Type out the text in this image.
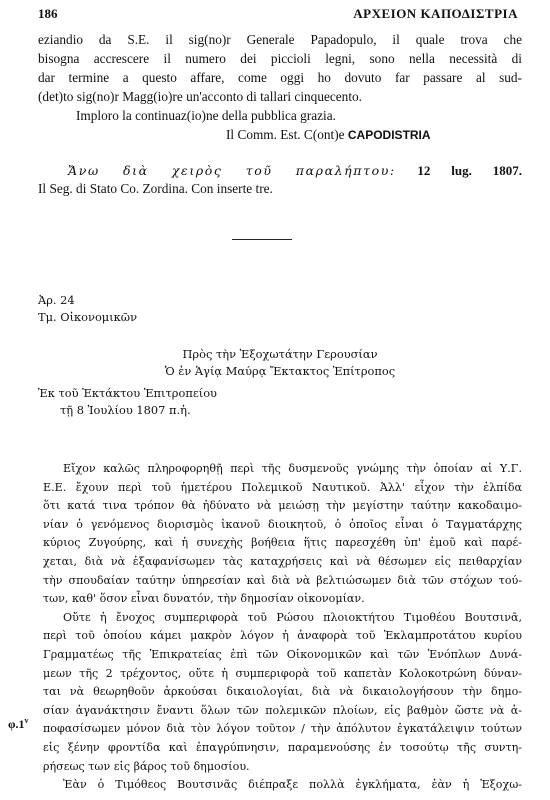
186	ΑΡΧΕΙΟΝ ΚΑΠΟΔΙΣΤΡΙΑ
eziandio da S.E. il sig(no)r Generale Papadopulo, il quale trova che
bisogna accrescere il numero dei piccioli legni, sono nella necessità di
dar termine a questo affare, come oggi ho dovuto far passare al sud-
(det)to sig(no)r Magg(io)re un'acconto di tallari cinquecento.
Imploro la continuaz(io)ne della pubblica grazia.
Il Comm. Est. C(ont)e CAPODISTRIA
Ἄνω διὰ χειρὸς τοῦ παραλήπτου: 12 lug. 1807.
Il Seg. di Stato Co. Zordina. Con inserte tre.
Ἀρ. 24
Τμ. Οἰκονομικῶν
Πρὸς τὴν Ἐξοχωτάτην Γερουσίαν
Ὁ ἐν Ἁγίᾳ Μαύρᾳ Ἔκτακτος Ἐπίτροπος
Ἐκ τοῦ Ἐκτάκτου Ἐπιτροπείου
τῇ 8 Ἰουλίου 1807 π.ἡ.
Εἴχον καλῶς πληροφορηθῇ περὶ τῆς δυσμενοῦς γνώμης τὴν ὁποίαν αἱ Υ.Γ.
Ε.Ε. ἔχουν περὶ τοῦ ἡμετέρου Πολεμικοῦ Ναυτικοῦ. Ἀλλ' εἶχον τὴν ἐλπίδα
ὅτι κατά τινα τρόπον θὰ ἠδύνατο νὰ μειώσῃ τὴν μεγίστην ταύτην κακοδαιμο-
νίαν ὁ γενόμενος διορισμὸς ἱκανοῦ διοικητοῦ, ὁ ὁποῖος εἶναι ὁ Ταγματάρχης
κύριος Ζυγούρης, καὶ ἡ συνεχὴς βοήθεια ἥτις παρεσχέθη ὑπ' ἐμοῦ καὶ παρέ-
χεται, διὰ νὰ ἐξαφανίσωμεν τὰς καταχρήσεις καὶ νὰ θέσωμεν εἰς πειθαρχίαν
τὴν σπουδαίαν ταύτην ὑπηρεσίαν καὶ διὰ νὰ βελτιώσωμεν διὰ τῶν στόχων τού-
των, καθ' ὅσον εἶναι δυνατόν, τὴν δημοσίαν οἰκονομίαν.
Οὔτε ἡ ἔνοχος συμπεριφορὰ τοῦ Ρώσου πλοιοκτήτου Τιμοθέου Βουτσινᾶ,
περὶ τοῦ ὁποίου κάμει μακρὸν λόγον ἡ ἀναφορὰ τοῦ Ἐκλαμπροτάτου κυρίου
Γραμματέως τῆς Ἐπικρατείας ἐπὶ τῶν Οἰκονομικῶν καὶ τῶν Ἐνόπλων Δυνά-
μεων τῆς 2 τρέχοντος, οὔτε ἡ συμπεριφορὰ τοῦ καπετὰν Κολοκοτρώνη δύναν-
ται νὰ θεωρηθοῦν ἀρκούσαι δικαιολογίαι, διὰ νὰ δικαιολογήσουν τὴν δημο-
σίαν ἀγανάκτησιν ἔναντι ὅλων τῶν πολεμικῶν πλοίων, εἰς βαθμὸν ὥστε νὰ ἀ-
ποφασίσωμεν μόνον διὰ τὸν λόγον τοῦτον / τὴν ἀπόλυτον ἐγκατάλειψιν τούτων
εἰς ξένην φροντίδα καὶ ἐπαγρύπνησιν, παραμενούσης ἐν τοσούτῳ τῆς συντη-
ρήσεως των εἰς βάρος τοῦ δημοσίου.
Ἐὰν ὁ Τιμόθεος Βουτσινᾶς διέπραξε πολλὰ ἐγκλήματα, ἐὰν ἡ Ἐξοχω-
φ.1$^v$
